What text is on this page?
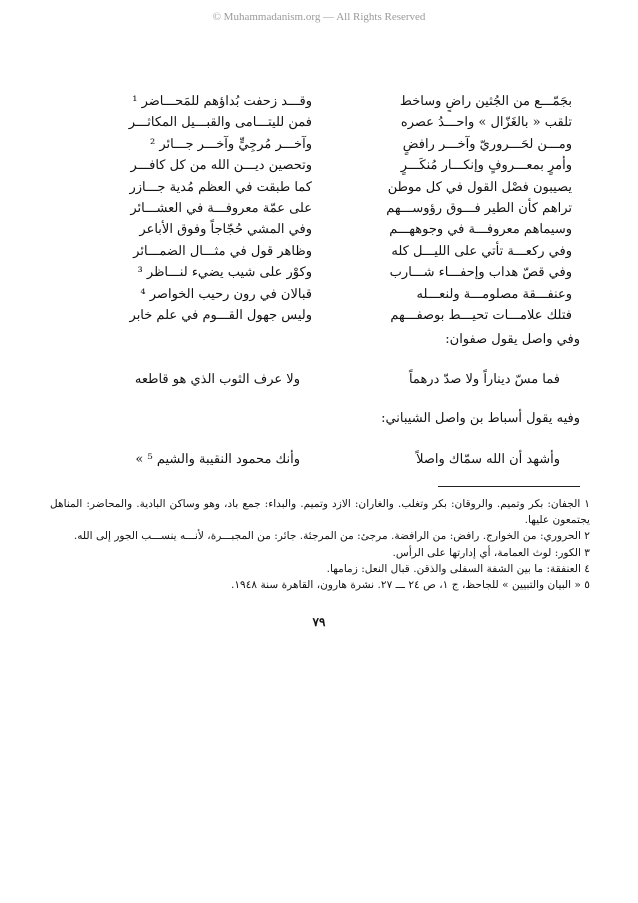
© Muhammadanism.org — All Rights Reserved
بجَمّـــع من الجُثين راضٍ وساخط
وقـــد زحفت بُداؤهم للمَحـــاضر ¹
تلقب « بالغَزّال » واحـــدُ عصره
فمن لليتـــامى والقبـــيل المكاثـــر
ومـــن لحَـــروريّ وآخـــر رافضٍ
وآخـــر مُرجِيٍّ وآخـــر جـــائر ²
وأمرٍ بمعـــروفٍ وإنكـــار مُنكَـــرٍ
وتحصين ديـــن الله من كل كافـــر
يصيبون فصْل القول في كل موطن
كما طبقت في العظم مُدية جـــازر
تراهم كأن الطير فـــوق رؤوســـهم
على عمّة معروفـــة في العشـــائر
وسيماهم معروفـــة في وجوههـــم
وفي المشي حُجّاجاً وفوق الأباعر
وفي ركعـــة تأتي على الليـــل كله
وظاهر قول في مثـــال الضمـــائر
وفي قصّ هداب وإحفـــاء شـــارب
وكوْر على شيب يضيء لنـــاظر ³
وعنفـــقة مصلومـــة ولنعـــله
قبالان في رون رحيب الخواصر ⁴
فتلك علامـــات تحيـــط بوصفـــهم
وليس جهول القـــوم في علم خابر
وفي واصل يقول صفوان:
فما مسّ ديناراً ولا صدّ درهماً
ولا عرف الثوب الذي هو قاطعه
وفيه يقول أسباط بن واصل الشيباني:
وأشهد أن الله سمّاك واصلاً
وأنك محمود النقيبة والشيم ⁵ »
١ الجفان: بكر وتميم. والروقان: بكر وتغلب. والغاران: الازد وتميم. والبداء: جمع باد، وهو وساكن البادية. والمحاضر: المناهل يجتمعون عليها.
٢ الحروري: من الخوارج. رافض: من الرافضة. مرجئ: من المرجئة. جائر: من المجبـــرة، لأنـــه ينســـب الجور إلى الله.
٣ الكور: لوث العمامة، أي إدارتها على الرأس.
٤ العنفقة: ما بين الشفة السفلى والذقن. قبال النعل: زمامها.
٥ « البيان والتبيين » للجاحظ، ج ١، ص ٢٤ ـــ ٢٧. نشرة هارون، القاهرة سنة ١٩٤٨.
٧٩
